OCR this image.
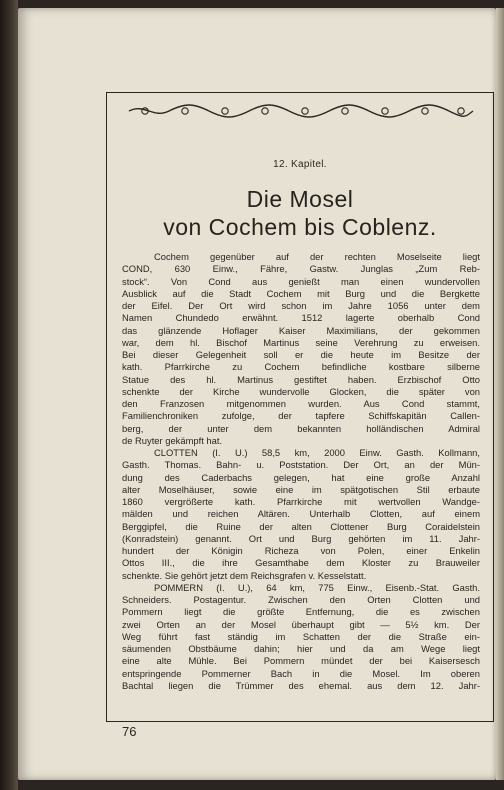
12. Kapitel.
Die Mosel
von Cochem bis Coblenz.
Cochem gegenüber auf der rechten Moselseite liegt
COND, 630 Einw., Fähre, Gastw. Junglas „Zum Reb-
stock“. Von Cond aus genießt man einen wundervollen
Ausblick auf die Stadt Cochem mit Burg und die Bergkette
der Eifel. Der Ort wird schon im Jahre 1056 unter dem
Namen Chundedo erwähnt. 1512 lagerte oberhalb Cond
das glänzende Hoflager Kaiser Maximilians, der gekommen
war, dem hl. Bischof Martinus seine Verehrung zu erweisen.
Bei dieser Gelegenheit soll er die heute im Besitze der
kath. Pfarrkirche zu Cochem befindliche kostbare silberne
Statue des hl. Martinus gestiftet haben. Erzbischof Otto
schenkte der Kirche wundervolle Glocken, die später von
den Franzosen mitgenommen wurden. Aus Cond stammt,
Familienchroniken zufolge, der tapfere Schiffskapitän Callen-
berg, der unter dem bekannten holländischen Admiral
de Ruyter gekämpft hat.
CLOTTEN (I. U.) 58,5 km, 2000 Einw. Gasth. Kollmann,
Gasth. Thomas. Bahn- u. Poststation. Der Ort, an der Mün-
dung des Caderbachs gelegen, hat eine große Anzahl
alter Moselhäuser, sowie eine im spätgotischen Stil erbaute
1860 vergrößerte kath. Pfarrkirche mit wertvollen Wandge-
mälden und reichen Altären. Unterhalb Clotten, auf einem
Berggipfel, die Ruine der alten Clottener Burg Coraidelstein
(Konradstein) genannt. Ort und Burg gehörten im 11. Jahr-
hundert der Königin Richeza von Polen, einer Enkelin
Ottos III., die ihre Gesamthabe dem Kloster zu Brauweiler
schenkte. Sie gehört jetzt dem Reichsgrafen v. Kesselstatt.
POMMERN (I. U.), 64 km, 775 Einw., Eisenb.-Stat. Gasth.
Schneiders. Postagentur. Zwischen den Orten Clotten und
Pommern liegt die größte Entfernung, die es zwischen
zwei Orten an der Mosel überhaupt gibt — 5½ km. Der
Weg führt fast ständig im Schatten der die Straße ein-
säumenden Obstbäume dahin; hier und da am Wege liegt
eine alte Mühle. Bei Pommern mündet der bei Kaisersesch
entspringende Pommerner Bach in die Mosel. Im oberen
Bachtal liegen die Trümmer des ehemal. aus dem 12. Jahr-
76
